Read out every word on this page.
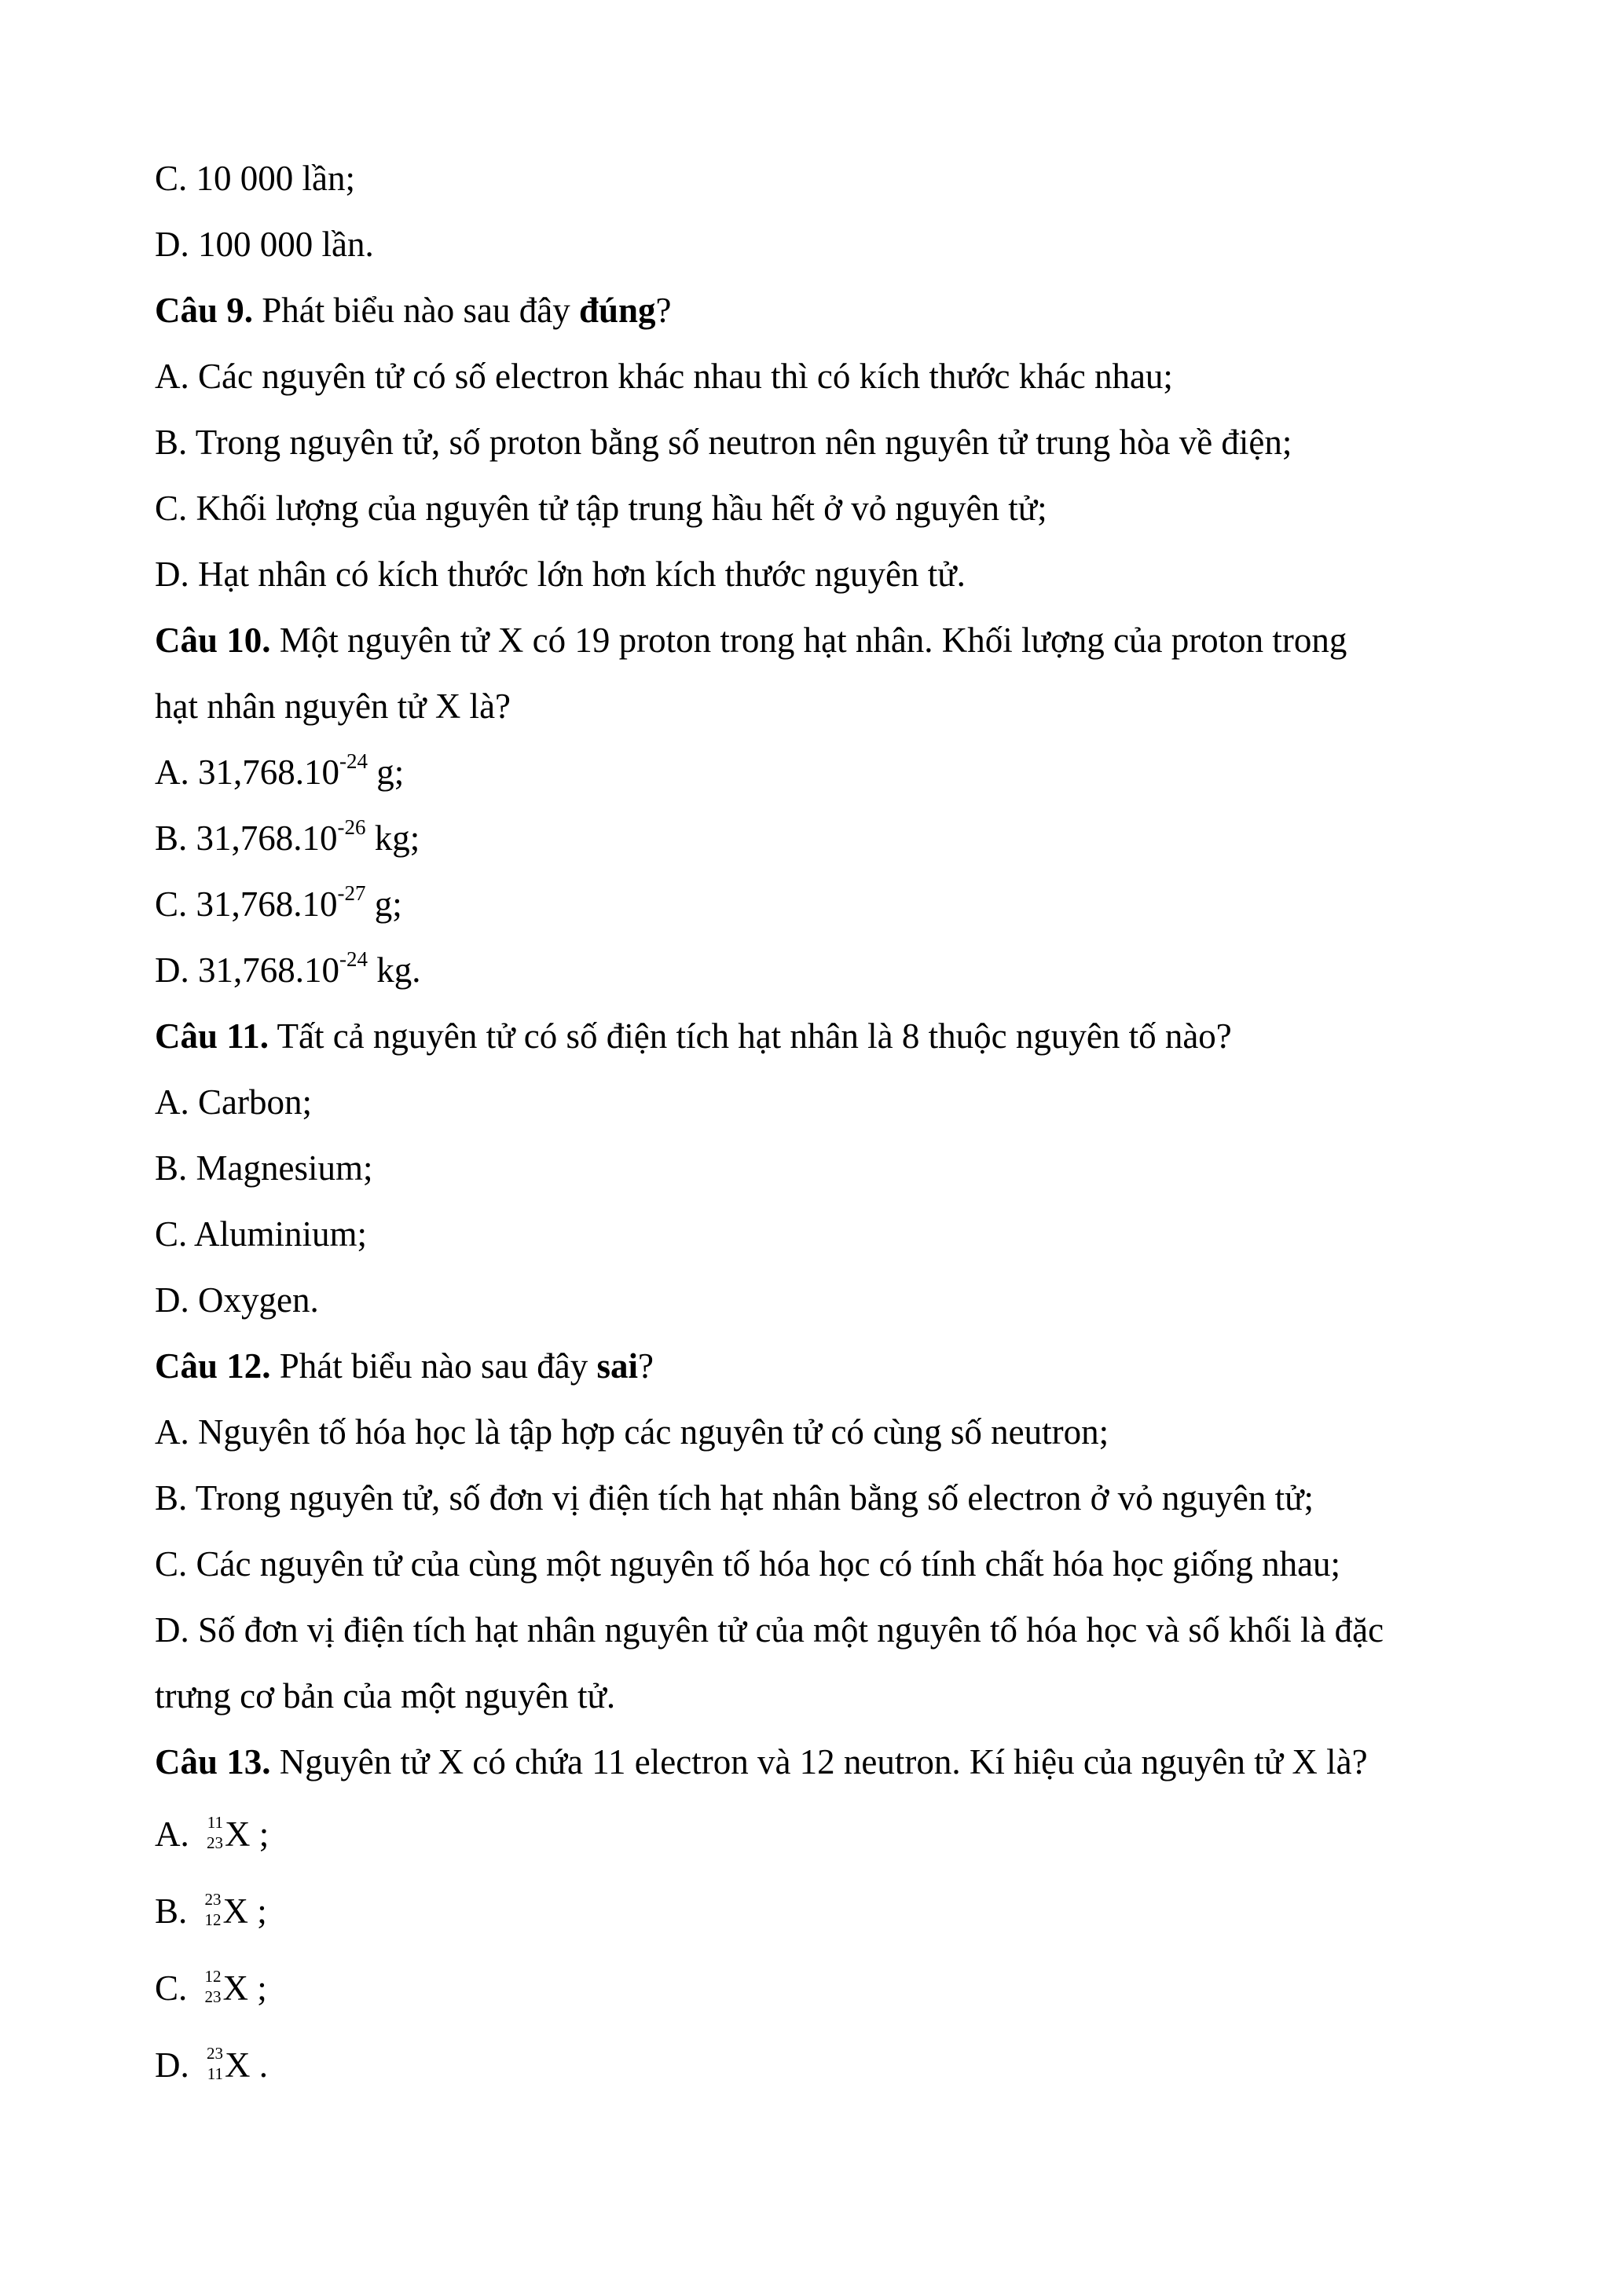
C. 10 000 lần;
D. 100 000 lần.
Câu 9. Phát biểu nào sau đây đúng?
A. Các nguyên tử có số electron khác nhau thì có kích thước khác nhau;
B. Trong nguyên tử, số proton bằng số neutron nên nguyên tử trung hòa về điện;
C. Khối lượng của nguyên tử tập trung hầu hết ở vỏ nguyên tử;
D. Hạt nhân có kích thước lớn hơn kích thước nguyên tử.
Câu 10. Một nguyên tử X có 19 proton trong hạt nhân. Khối lượng của proton trong
hạt nhân nguyên tử X là?
A. $31,768.10^{-24}$ g;
B. $31,768.10^{-26}$ kg;
C. $31,768.10^{-27}$ g;
D. $31,768.10^{-24}$ kg.
Câu 11. Tất cả nguyên tử có số điện tích hạt nhân là 8 thuộc nguyên tố nào?
A. Carbon;
B. Magnesium;
C. Aluminium;
D. Oxygen.
Câu 12. Phát biểu nào sau đây sai?
A. Nguyên tố hóa học là tập hợp các nguyên tử có cùng số neutron;
B. Trong nguyên tử, số đơn vị điện tích hạt nhân bằng số electron ở vỏ nguyên tử;
C. Các nguyên tử của cùng một nguyên tố hóa học có tính chất hóa học giống nhau;
D. Số đơn vị điện tích hạt nhân nguyên tử của một nguyên tố hóa học và số khối là đặc
trưng cơ bản của một nguyên tử.
Câu 13. Nguyên tử X có chứa 11 electron và 12 neutron. Kí hiệu của nguyên tử X là?
A. 11
23 X ;
B. 23
12 X ;
C. 12
23 X ;
D. 23
11 X .
